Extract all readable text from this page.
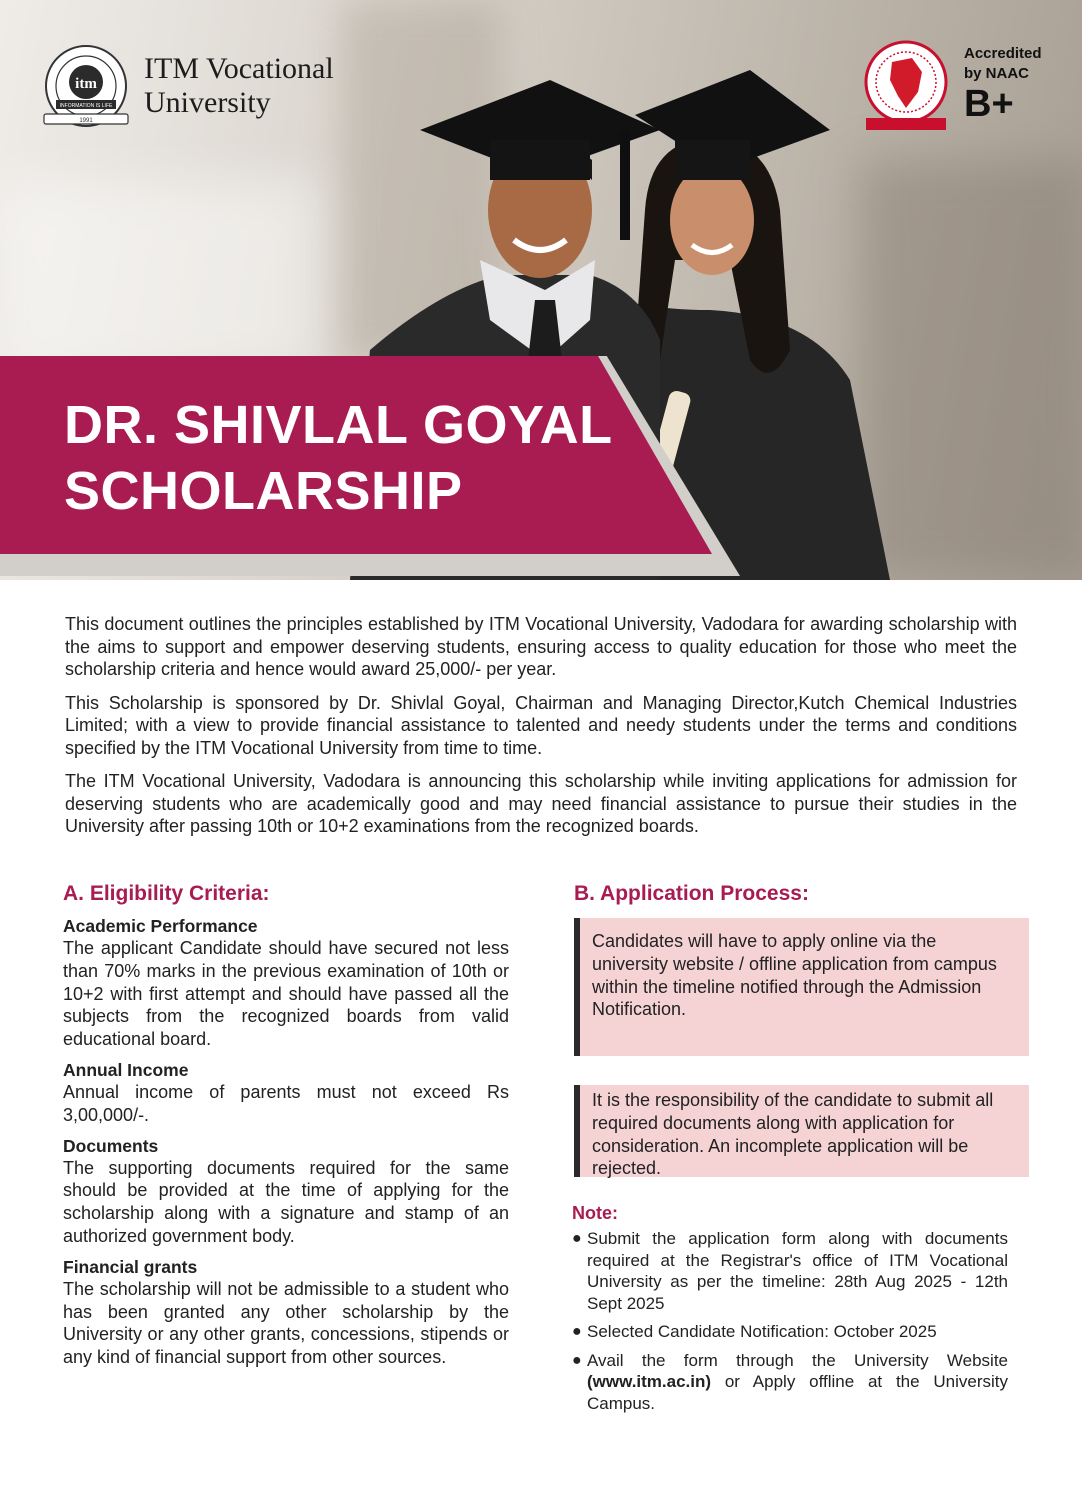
itm
INFORMATION IS LIFE
1991
ITM Vocational
University
Accredited
by NAAC
B+
DR. SHIVLAL GOYAL
SCHOLARSHIP

This document outlines the principles established by ITM Vocational University, Vadodara for awarding scholarship with the aims to support and empower deserving students, ensuring access to quality education for those who meet the scholarship criteria and hence would award 25,000/- per year.

This Scholarship is sponsored by Dr. Shivlal Goyal, Chairman and Managing Director,Kutch Chemical Industries Limited; with a view to provide financial assistance to talented and needy students under the terms and conditions specified by the ITM Vocational University from time to time.

The ITM Vocational University, Vadodara is announcing this scholarship while inviting applications for admission for deserving students who are academically good and may need financial assistance to pursue their studies in the University after passing 10th or 10+2 examinations from the recognized boards.

A. Eligibility Criteria:
Academic Performance
The applicant Candidate should have secured not less than 70% marks in the previous examination of 10th or 10+2 with first attempt and should have passed all the subjects from the recognized boards from valid educational board.
Annual Income
Annual income of parents must not exceed Rs 3,00,000/-.
Documents
The supporting documents required for the same should be provided at the time of applying for the scholarship along with a signature and stamp of an authorized government body.
Financial grants
The scholarship will not be admissible to a student who has been granted any other scholarship by the University or any other grants, concessions, stipends or any kind of financial support from other sources.
B. Application Process:
Candidates will have to apply online via the university website / offline application from campus within the timeline notified through the Admission Notification.
It is the responsibility of the candidate to submit all required documents along with application for consideration. An incomplete application will be rejected.
Note:
● Submit the application form along with documents required at the Registrar's office of ITM Vocational University as per the timeline: 28th Aug 2025 - 12th Sept 2025
● Selected Candidate Notification: October 2025
● Avail the form through the University Website (www.itm.ac.in) or Apply offline at the University Campus.
